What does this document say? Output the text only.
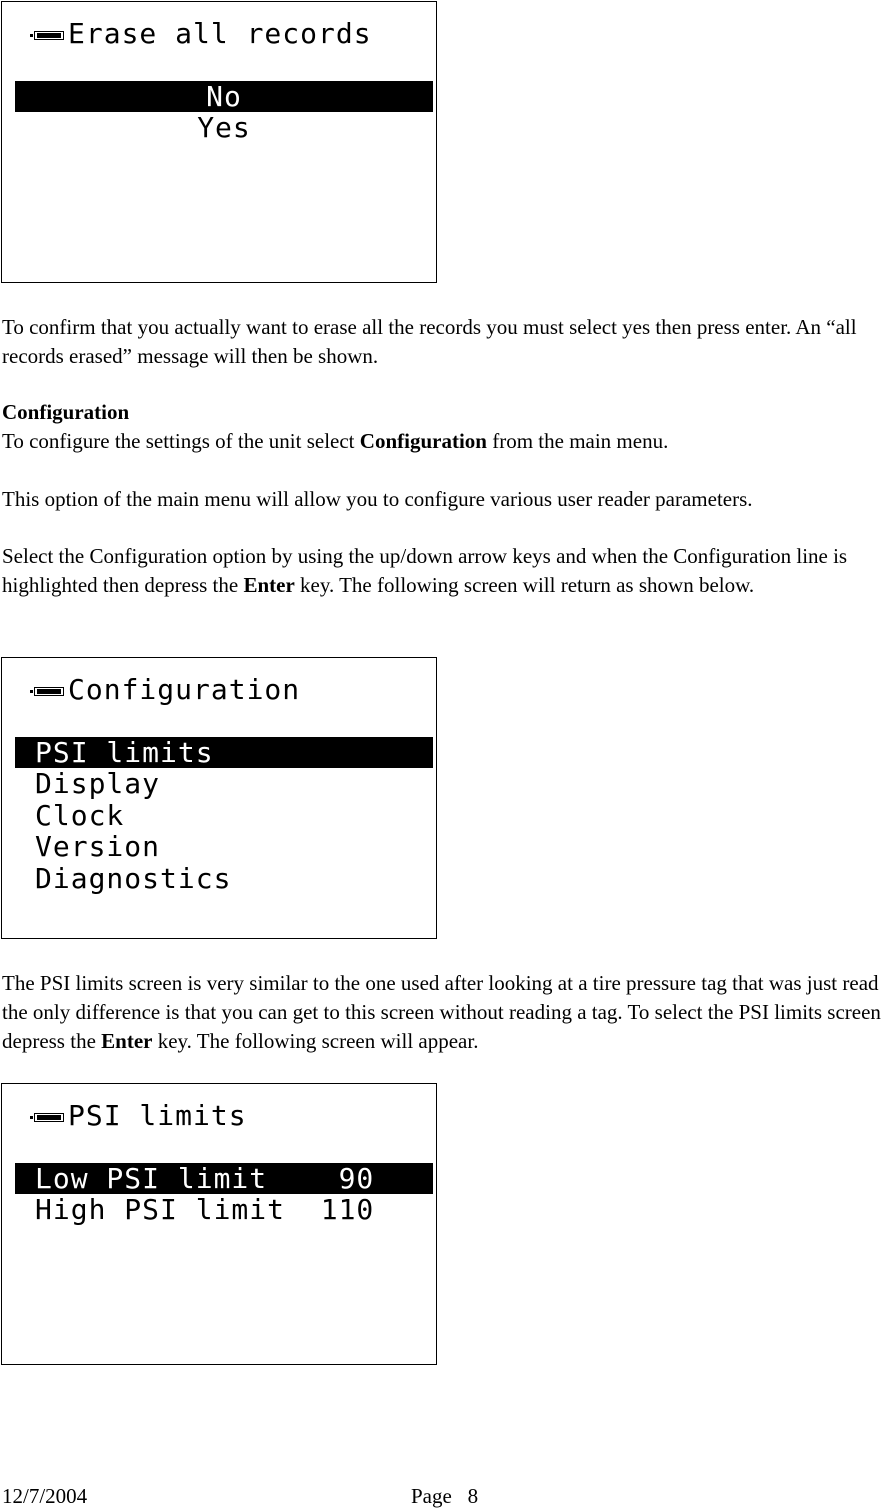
Erase all records
No
Yes
To confirm that you actually want to erase all the records you must select yes then press enter. An “all records erased” message will then be shown.
Configuration
To configure the settings of the unit select Configuration from the main menu.
This option of the main menu will allow you to configure various user reader parameters.
Select the Configuration option by using the up/down arrow keys and when the Configuration line is highlighted then depress the Enter key. The following screen will return as shown below.
Configuration
PSI limits
Display
Clock
Version
Diagnostics
The PSI limits screen is very similar to the one used after looking at a tire pressure tag that was just read the only difference is that you can get to this screen without reading a tag. To select the PSI limits screen depress the Enter key. The following screen will appear.
PSI limits
Low PSI limit    90
High PSI limit  110
12/7/2004	Page   8
